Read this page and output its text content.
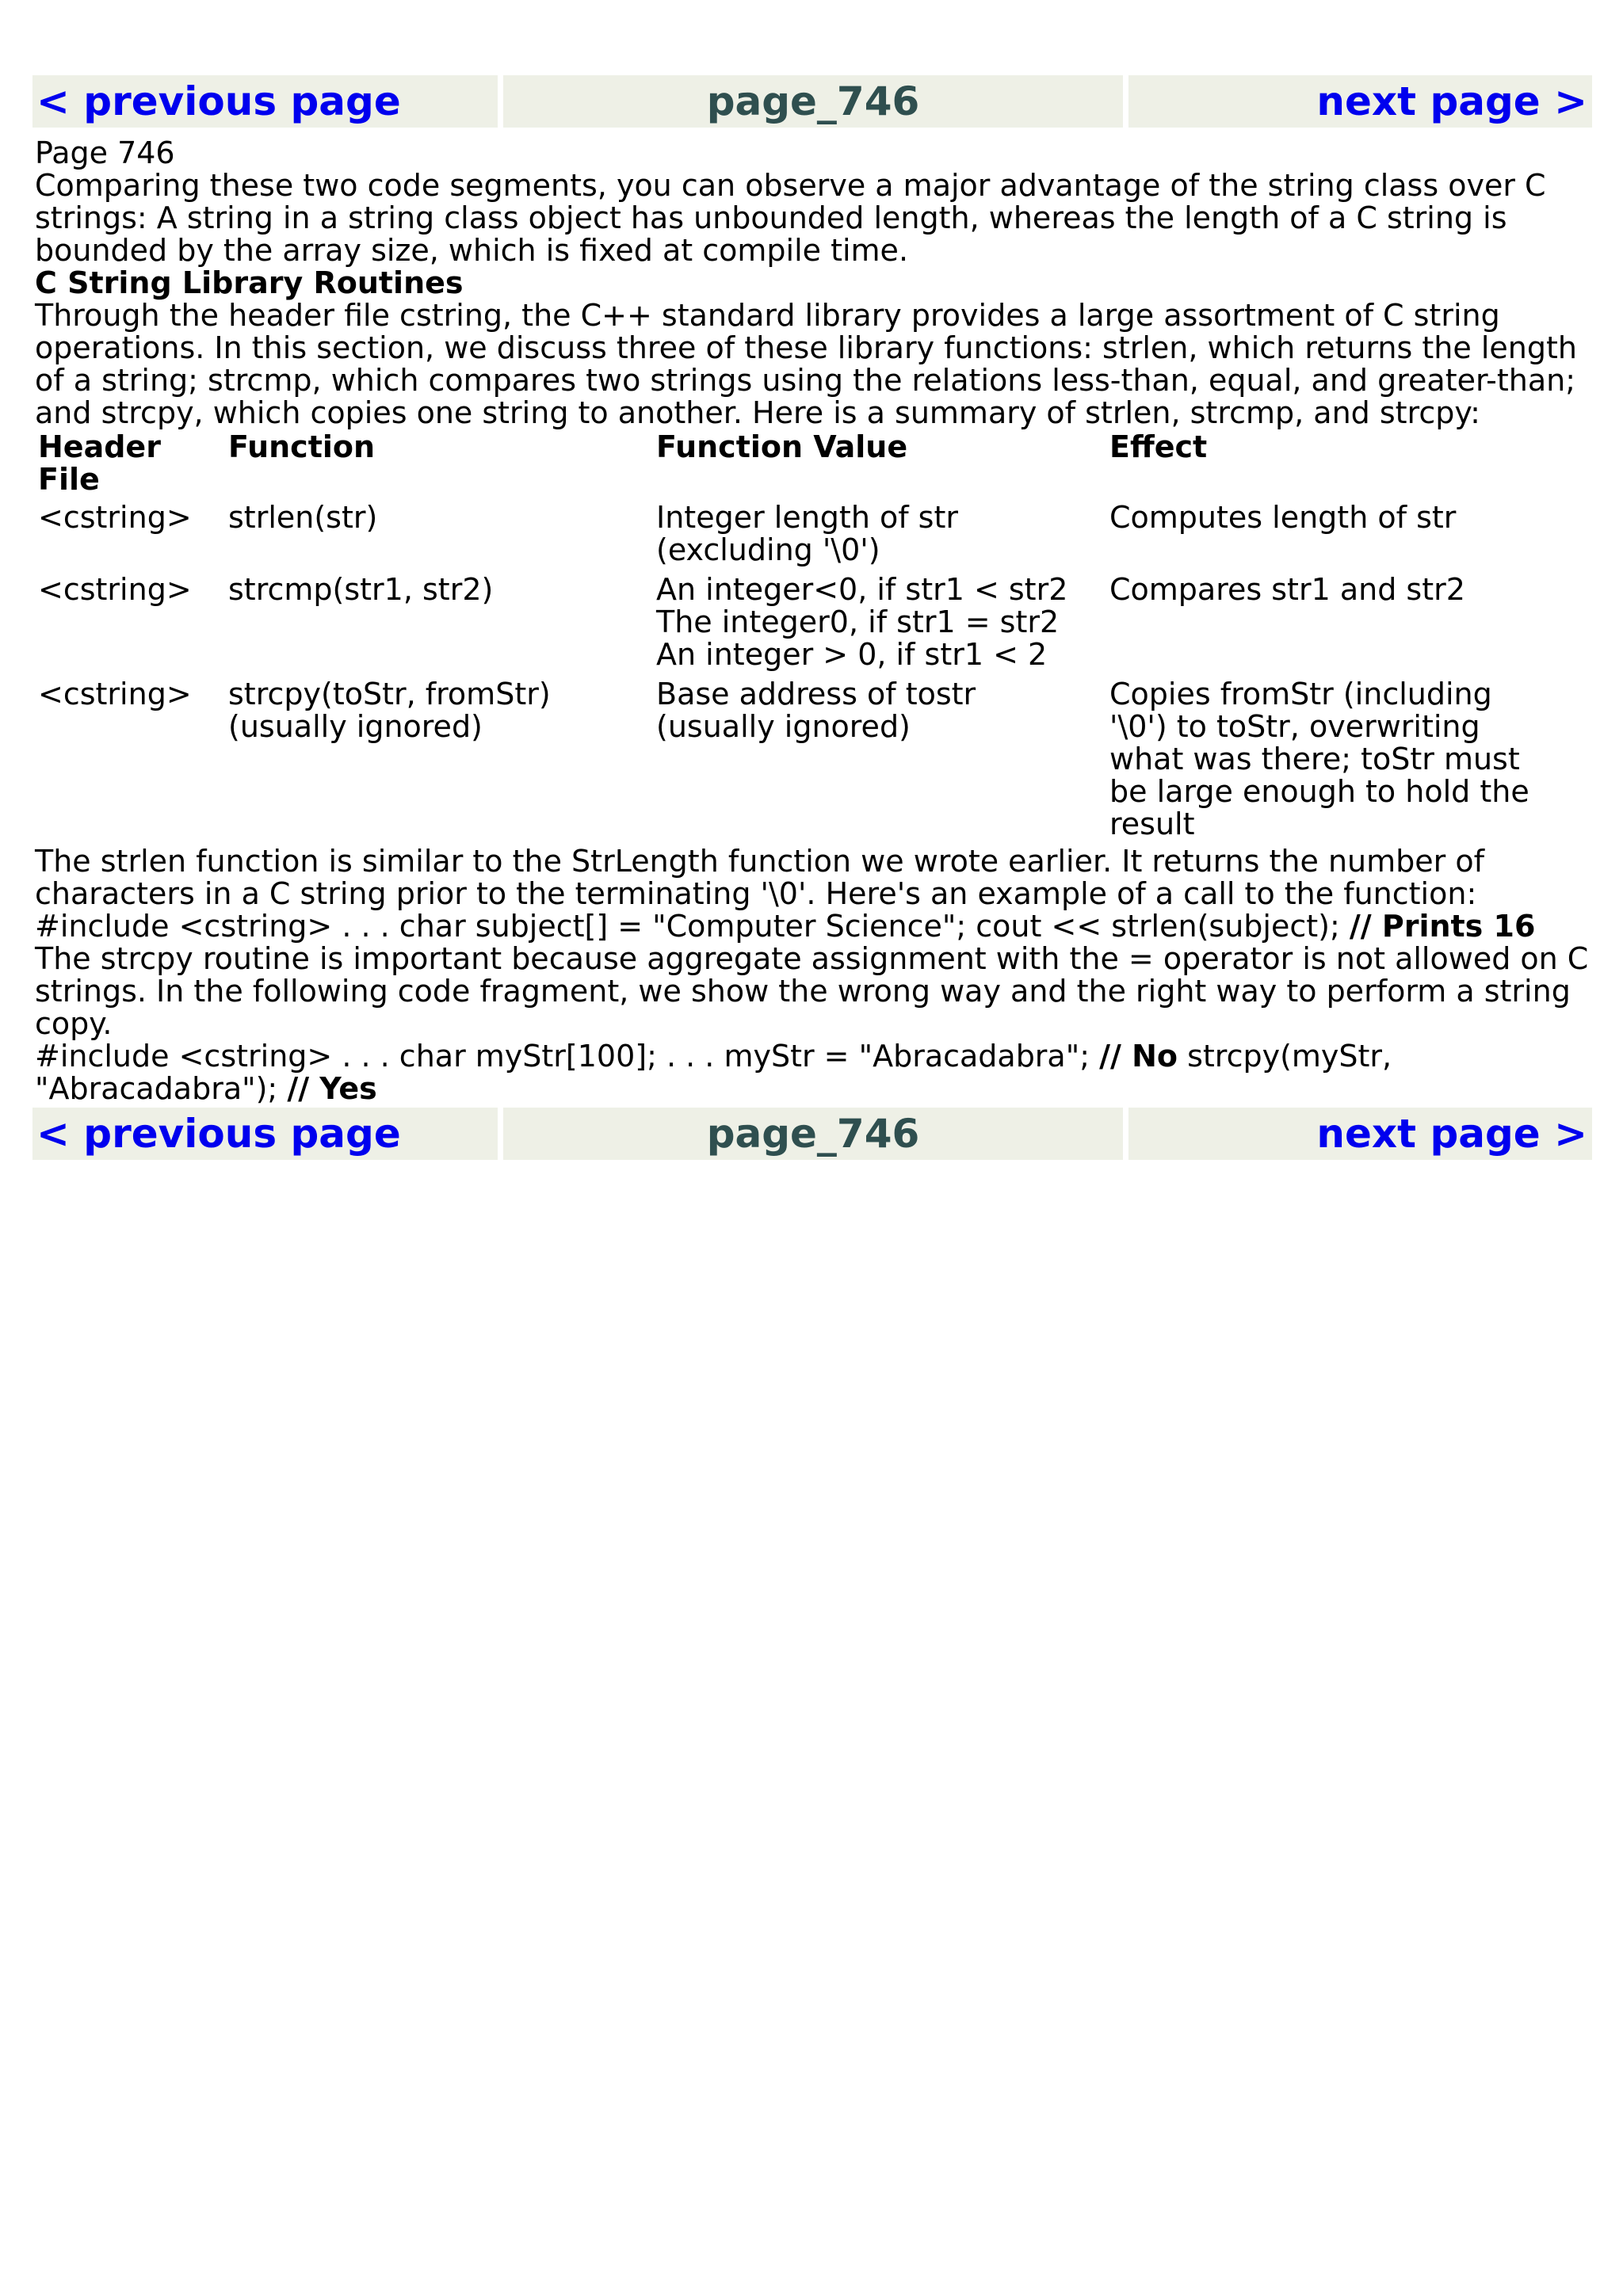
< previous page	page_746	next page >

Page 746

Comparing these two code segments, you can observe a major advantage of the string class over C strings: A string in a string class object has unbounded length, whereas the length of a C string is bounded by the array size, which is fixed at compile time.

C String Library Routines

Through the header file cstring, the C++ standard library provides a large assortment of C string operations. In this section, we discuss three of these library functions: strlen, which returns the length of a string; strcmp, which compares two strings using the relations less-than, equal, and greater-than; and strcpy, which copies one string to another. Here is a summary of strlen, strcmp, and strcpy:

Header File	Function	Function Value	Effect
<cstring>	strlen(str)	Integer length of str (excluding '\0')	Computes length of str
<cstring>	strcmp(str1, str2)	An integer<0, if str1 < str2 The integer0, if str1 = str2 An integer > 0, if str1 < 2	Compares str1 and str2
<cstring>	strcpy(toStr, fromStr) (usually ignored)	Base address of tostr (usually ignored)	Copies fromStr (including '\0') to toStr, overwriting what was there; toStr must be large enough to hold the result

The strlen function is similar to the StrLength function we wrote earlier. It returns the number of characters in a C string prior to the terminating '\0'. Here's an example of a call to the function:

#include <cstring> . . . char subject[] = "Computer Science"; cout << strlen(subject); // Prints 16

The strcpy routine is important because aggregate assignment with the = operator is not allowed on C strings. In the following code fragment, we show the wrong way and the right way to perform a string copy.

#include <cstring> . . . char myStr[100]; . . . myStr = "Abracadabra"; // No strcpy(myStr, "Abracadabra"); // Yes

< previous page	page_746	next page >
